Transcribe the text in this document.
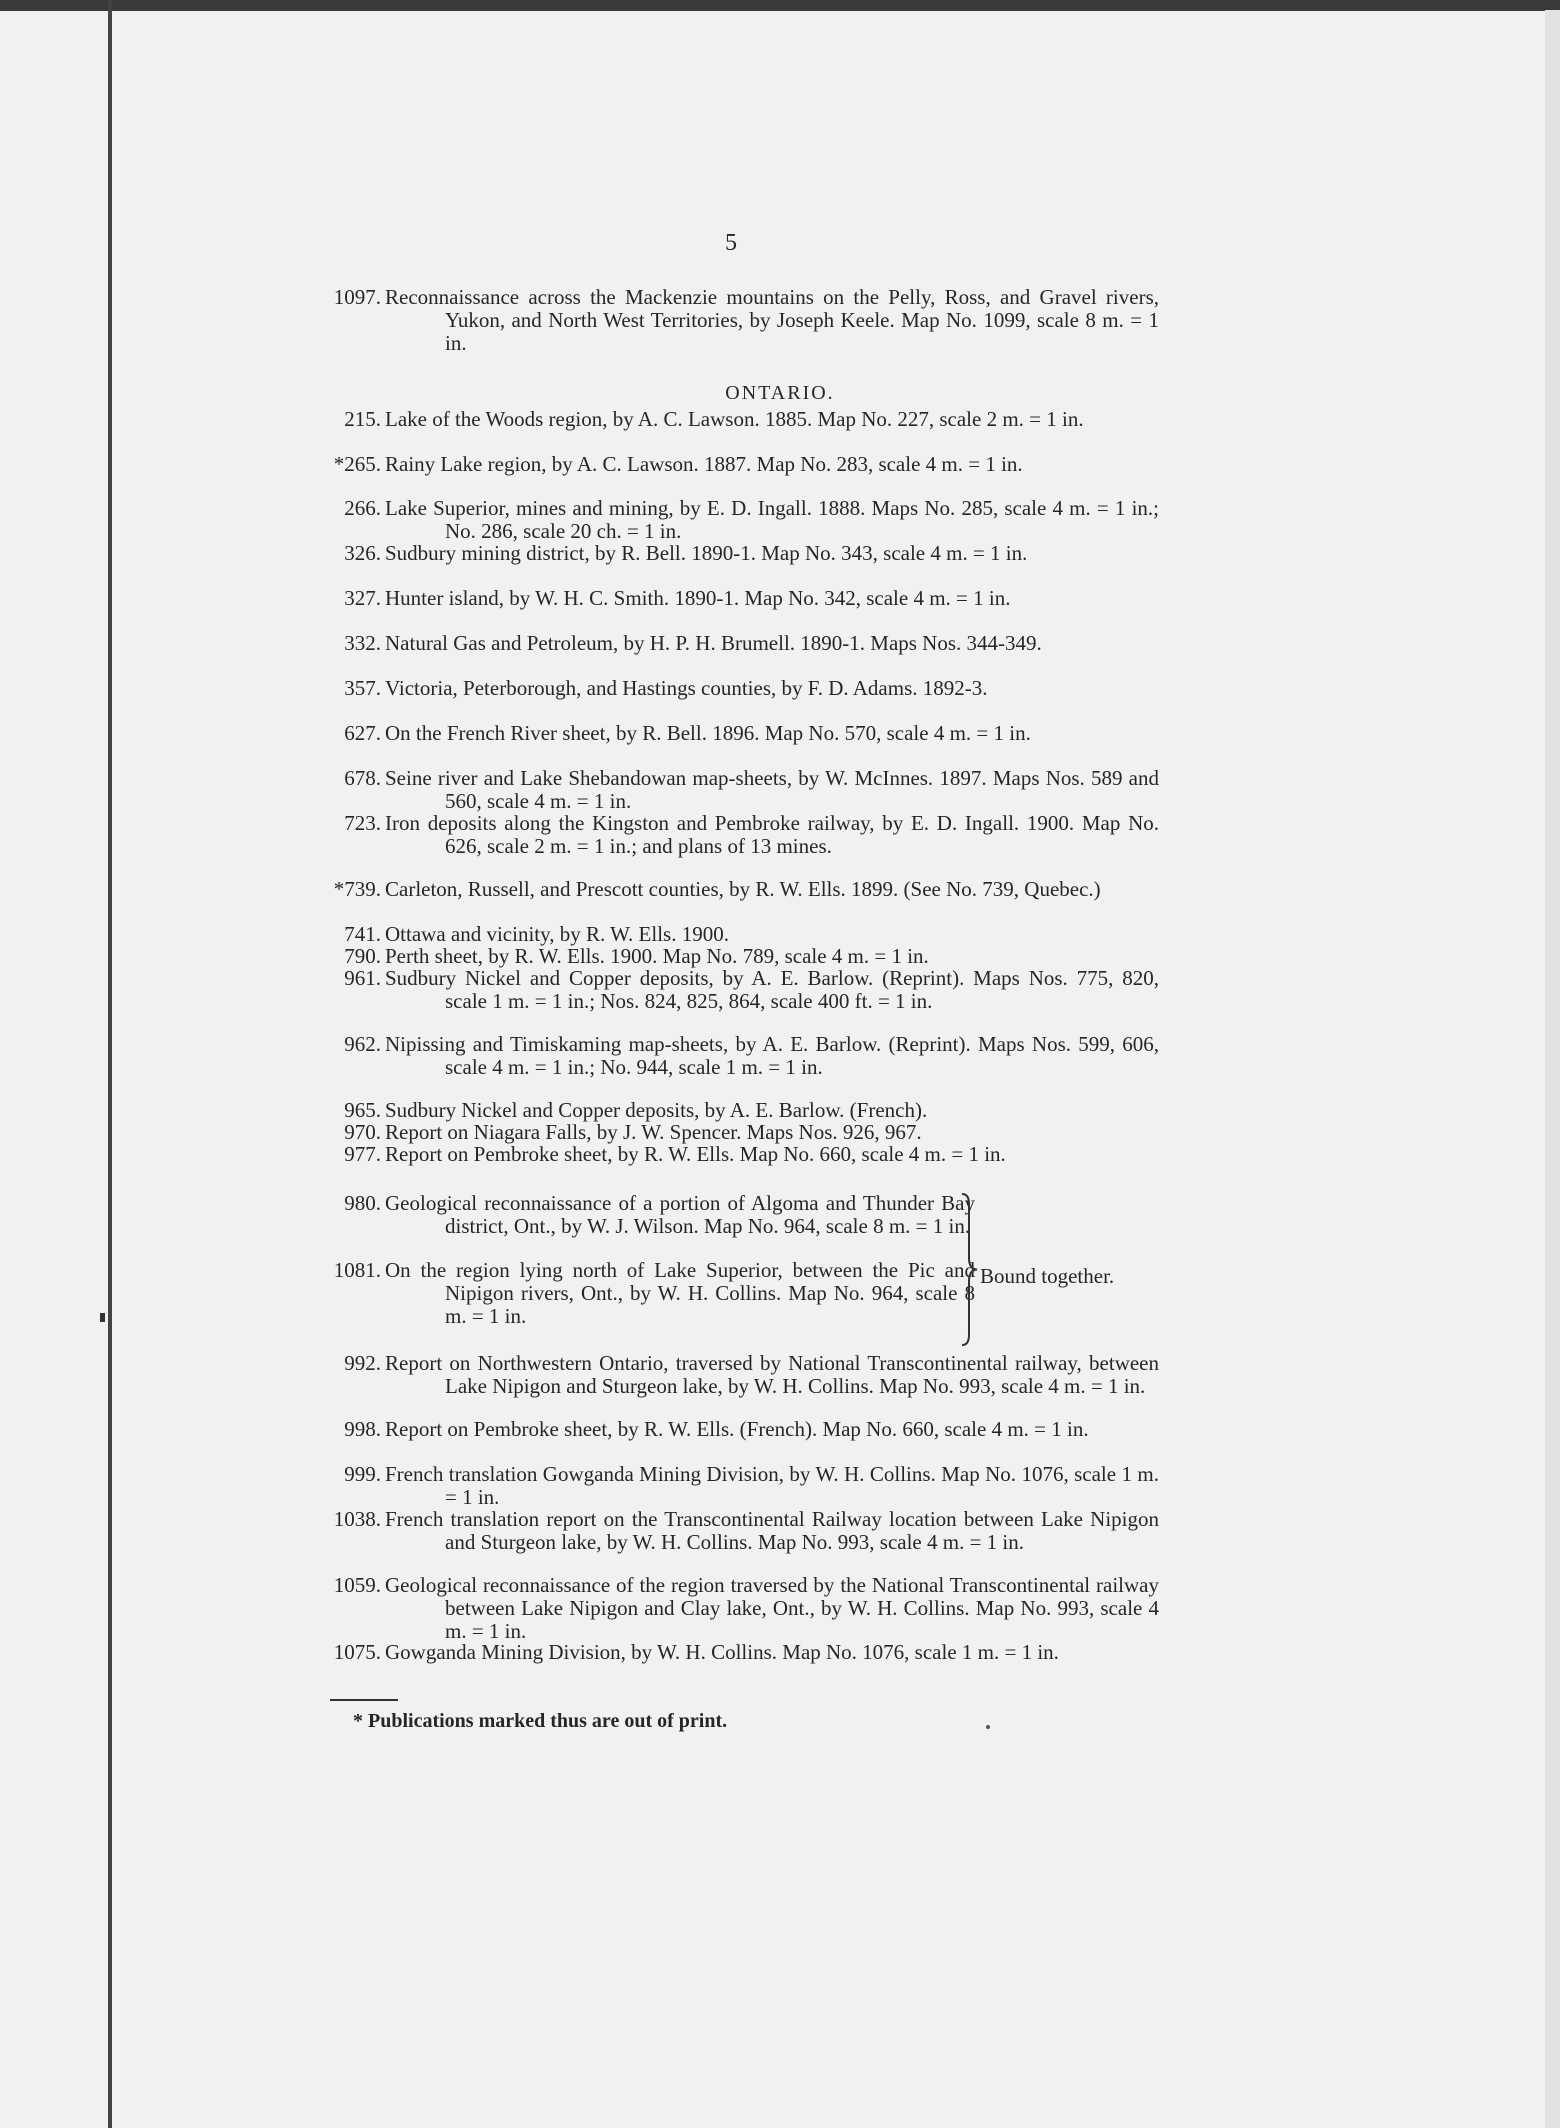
5
1097. Reconnaissance across the Mackenzie mountains on the Pelly, Ross, and Gravel rivers, Yukon, and North West Territories, by Joseph Keele. Map No. 1099, scale 8 m. = 1 in.
ONTARIO.
215. Lake of the Woods region, by A. C. Lawson. 1885. Map No. 227, scale 2 m. = 1 in.
*265. Rainy Lake region, by A. C. Lawson. 1887. Map No. 283, scale 4 m. = 1 in.
266. Lake Superior, mines and mining, by E. D. Ingall. 1888. Maps No. 285, scale 4 m. = 1 in.; No. 286, scale 20 ch. = 1 in.
326. Sudbury mining district, by R. Bell. 1890-1. Map No. 343, scale 4 m. = 1 in.
327. Hunter island, by W. H. C. Smith. 1890-1. Map No. 342, scale 4 m. = 1 in.
332. Natural Gas and Petroleum, by H. P. H. Brumell. 1890-1. Maps Nos. 344-349.
357. Victoria, Peterborough, and Hastings counties, by F. D. Adams. 1892-3.
627. On the French River sheet, by R. Bell. 1896. Map No. 570, scale 4 m. = 1 in.
678. Seine river and Lake Shebandowan map-sheets, by W. McInnes. 1897. Maps Nos. 589 and 560, scale 4 m. = 1 in.
723. Iron deposits along the Kingston and Pembroke railway, by E. D. Ingall. 1900. Map No. 626, scale 2 m. = 1 in.; and plans of 13 mines.
*739. Carleton, Russell, and Prescott counties, by R. W. Ells. 1899. (See No. 739, Quebec.)
741. Ottawa and vicinity, by R. W. Ells. 1900.
790. Perth sheet, by R. W. Ells. 1900. Map No. 789, scale 4 m. = 1 in.
961. Sudbury Nickel and Copper deposits, by A. E. Barlow. (Reprint). Maps Nos. 775, 820, scale 1 m. = 1 in.; Nos. 824, 825, 864, scale 400 ft. = 1 in.
962. Nipissing and Timiskaming map-sheets, by A. E. Barlow. (Reprint). Maps Nos. 599, 606, scale 4 m. = 1 in.; No. 944, scale 1 m. = 1 in.
965. Sudbury Nickel and Copper deposits, by A. E. Barlow. (French).
970. Report on Niagara Falls, by J. W. Spencer. Maps Nos. 926, 967.
977. Report on Pembroke sheet, by R. W. Ells. Map No. 660, scale 4 m. = 1 in.
980. Geological reconnaissance of a portion of Algoma and Thunder Bay district, Ont., by W. J. Wilson. Map No. 964, scale 8 m. = 1 in.
1081. On the region lying north of Lake Superior, between the Pic and Nipigon rivers, Ont., by W. H. Collins. Map No. 964, scale 8 m. = 1 in.
992. Report on Northwestern Ontario, traversed by National Transcontinental railway, between Lake Nipigon and Sturgeon lake, by W. H. Collins. Map No. 993, scale 4 m. = 1 in.
998. Report on Pembroke sheet, by R. W. Ells. (French). Map No. 660, scale 4 m. = 1 in.
999. French translation Gowganda Mining Division, by W. H. Collins. Map No. 1076, scale 1 m. = 1 in.
1038. French translation report on the Transcontinental Railway location between Lake Nipigon and Sturgeon lake, by W. H. Collins. Map No. 993, scale 4 m. = 1 in.
1059. Geological reconnaissance of the region traversed by the National Transcontinental railway between Lake Nipigon and Clay lake, Ont., by W. H. Collins. Map No. 993, scale 4 m. = 1 in.
1075. Gowganda Mining Division, by W. H. Collins. Map No. 1076, scale 1 m. = 1 in.
Bound together.
* Publications marked thus are out of print.
